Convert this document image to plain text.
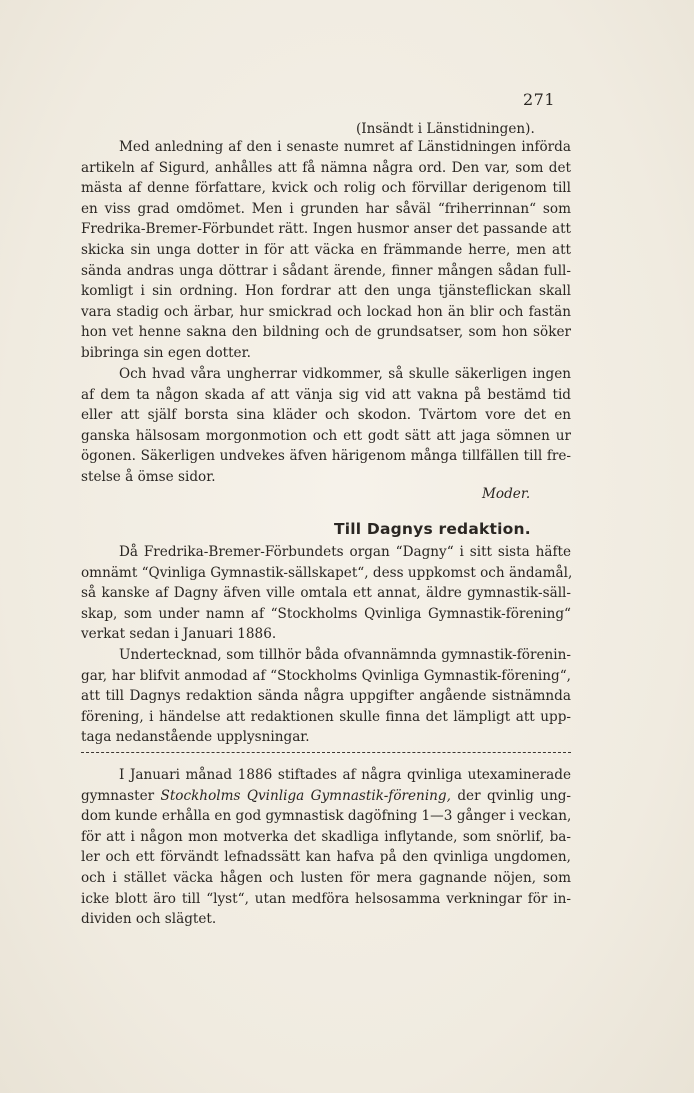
271
(Insändt i Länstidningen).
Med anledning af den i senaste numret af Länstidningen införda
artikeln af Sigurd, anhålles att få nämna några ord. Den var, som det
mästa af denne författare, kvick och rolig och förvillar derigenom till
en viss grad omdömet. Men i grunden har såväl “friherrinnan“ som
Fredrika-Bremer-Förbundet rätt. Ingen husmor anser det passande att
skicka sin unga dotter in för att väcka en främmande herre, men att
sända andras unga döttrar i sådant ärende, finner mången sådan full-
komligt i sin ordning. Hon fordrar att den unga tjänsteflickan skall
vara stadig och ärbar, hur smickrad och lockad hon än blir och fastän
hon vet henne sakna den bildning och de grundsatser, som hon söker
bibringa sin egen dotter.
Och hvad våra ungherrar vidkommer, så skulle säkerligen ingen
af dem ta någon skada af att vänja sig vid att vakna på bestämd tid
eller att själf borsta sina kläder och skodon. Tvärtom vore det en
ganska hälsosam morgonmotion och ett godt sätt att jaga sömnen ur
ögonen. Säkerligen undvekes äfven härigenom många tillfällen till fre-
stelse å ömse sidor.
Moder.
Till Dagnys redaktion.
Då Fredrika-Bremer-Förbundets organ “Dagny“ i sitt sista häfte
omnämt “Qvinliga Gymnastik-sällskapet“, dess uppkomst och ändamål,
så kanske af Dagny äfven ville omtala ett annat, äldre gymnastik-säll-
skap, som under namn af “Stockholms Qvinliga Gymnastik-förening“
verkat sedan i Januari 1886.
Undertecknad, som tillhör båda ofvannämnda gymnastik-förenin-
gar, har blifvit anmodad af “Stockholms Qvinliga Gymnastik-förening“,
att till Dagnys redaktion sända några uppgifter angående sistnämnda
förening, i händelse att redaktionen skulle finna det lämpligt att upp-
taga nedanstående upplysningar.
I Januari månad 1886 stiftades af några qvinliga utexaminerade
gymnaster Stockholms Qvinliga Gymnastik-förening, der qvinlig ung-
dom kunde erhålla en god gymnastisk dagöfning 1—3 gånger i veckan,
för att i någon mon motverka det skadliga inflytande, som snörlif, ba-
ler och ett förvändt lefnadssätt kan hafva på den qvinliga ungdomen,
och i stället väcka hågen och lusten för mera gagnande nöjen, som
icke blott äro till “lyst“, utan medföra helsosamma verkningar för in-
dividen och slägtet.
